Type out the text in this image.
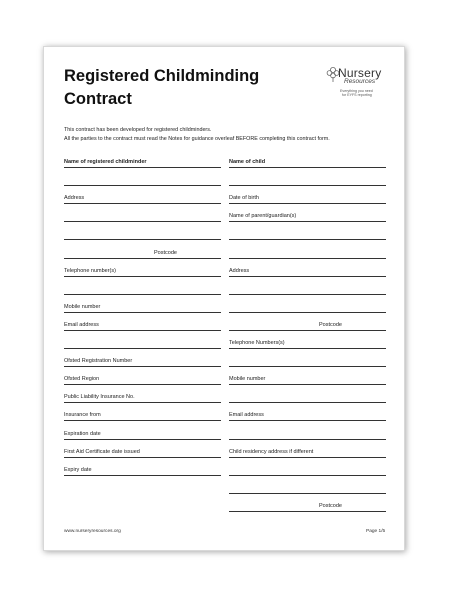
Registered Childminding
Contract
Nursery
Resources
Everything you need
for EYFS reporting
This contract has been developed for registered childminders.
All the parties to the contract must read the Notes for guidance overleaf BEFORE completing this contract form.
Name of registered childminder
Address
Postcode
Telephone number(s)
Mobile number
Email address
Ofsted Registration Number
Ofsted Region
Public Liability Insurance No.
Insurance from
Expiration date
First Aid Certificate date issued
Expiry date
Name of child
Date of birth
Name of parent/guardian(s)
Address
Postcode
Telephone Numbers(s)
Mobile number
Email address
Child residency address if different
Postcode
www.nurseryresources.org	Page 1/5
